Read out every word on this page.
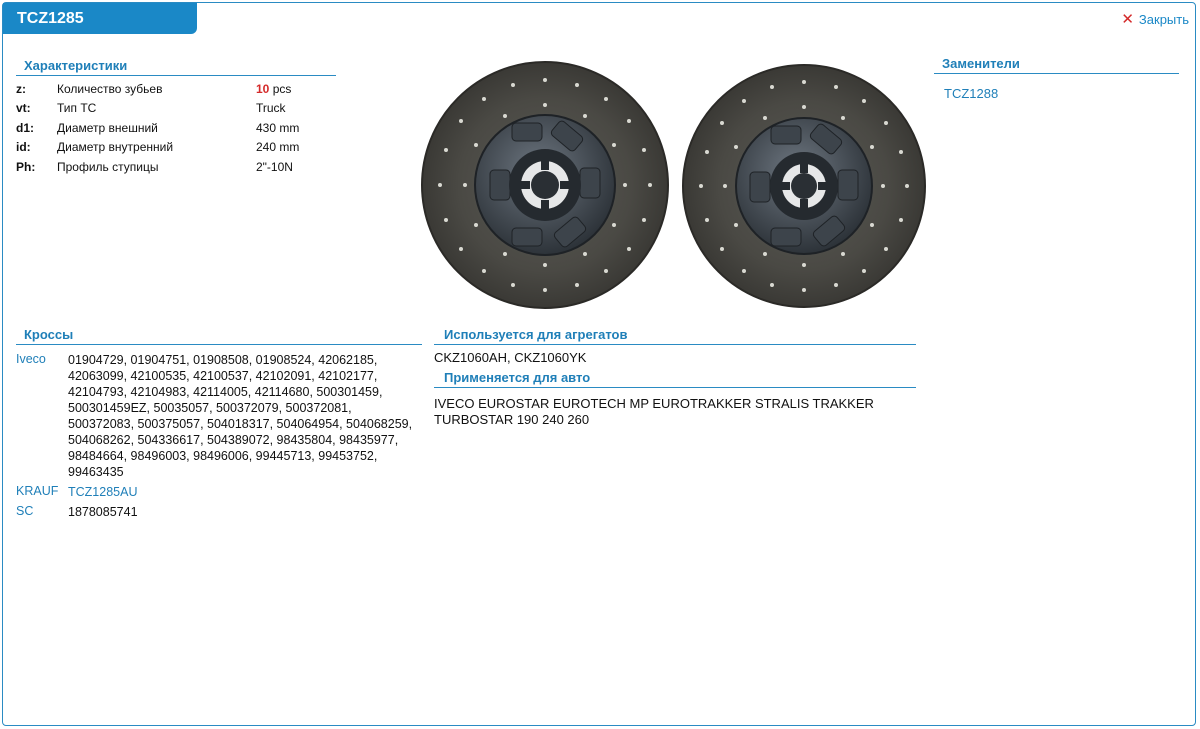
TCZ1285	✕ Закрыть
Характеристики
z:	Количество зубьев	10 pcs
vt:	Тип ТС	Truck
d1:	Диаметр внешний	430 mm
id:	Диаметр внутренний	240 mm
Ph:	Профиль ступицы	2"-10N
Заменители
TCZ1288
Кроссы
Iveco	01904729, 01904751, 01908508, 01908524, 42062185, 42063099, 42100535, 42100537, 42102091, 42102177, 42104793, 42104983, 42114005, 42114680, 500301459, 500301459EZ, 50035057, 500372079, 500372081, 500372083, 500375057, 504018317, 504064954, 504068259, 504068262, 504336617, 504389072, 98435804, 98435977, 98484664, 98496003, 98496006, 99445713, 99453752, 99463435
KRAUF TCZ1285AU
SC	1878085741
Используется для агрегатов
CKZ1060AH, CKZ1060YK
Применяется для авто
IVECO EUROSTAR EUROTECH MP EUROTRAKKER STRALIS TRAKKER TURBOSTAR 190 240 260
